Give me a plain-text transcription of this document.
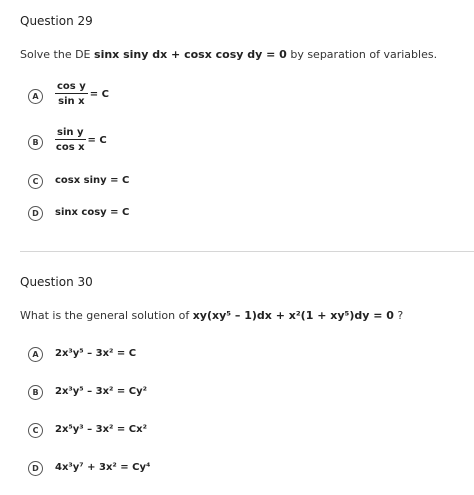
Question 29
Solve the DE sinx siny dx + cosx cosy dy = 0 by separation of variables.
A	$\frac{\text{cos y}}{\text{sin x}} = C$
B	$\frac{\text{sin y}}{\text{cos x}} = C$
C	cosx siny = C
D	sinx cosy = C
Question 30
What is the general solution of xy(xy⁵ – 1)dx + x²(1 + xy⁵)dy = 0 ?
A	2x³y⁵ – 3x² = C
B	2x³y⁵ – 3x² = Cy²
C	2x⁵y³ – 3x² = Cx²
D	4x³y⁷ + 3x² = Cy⁴
